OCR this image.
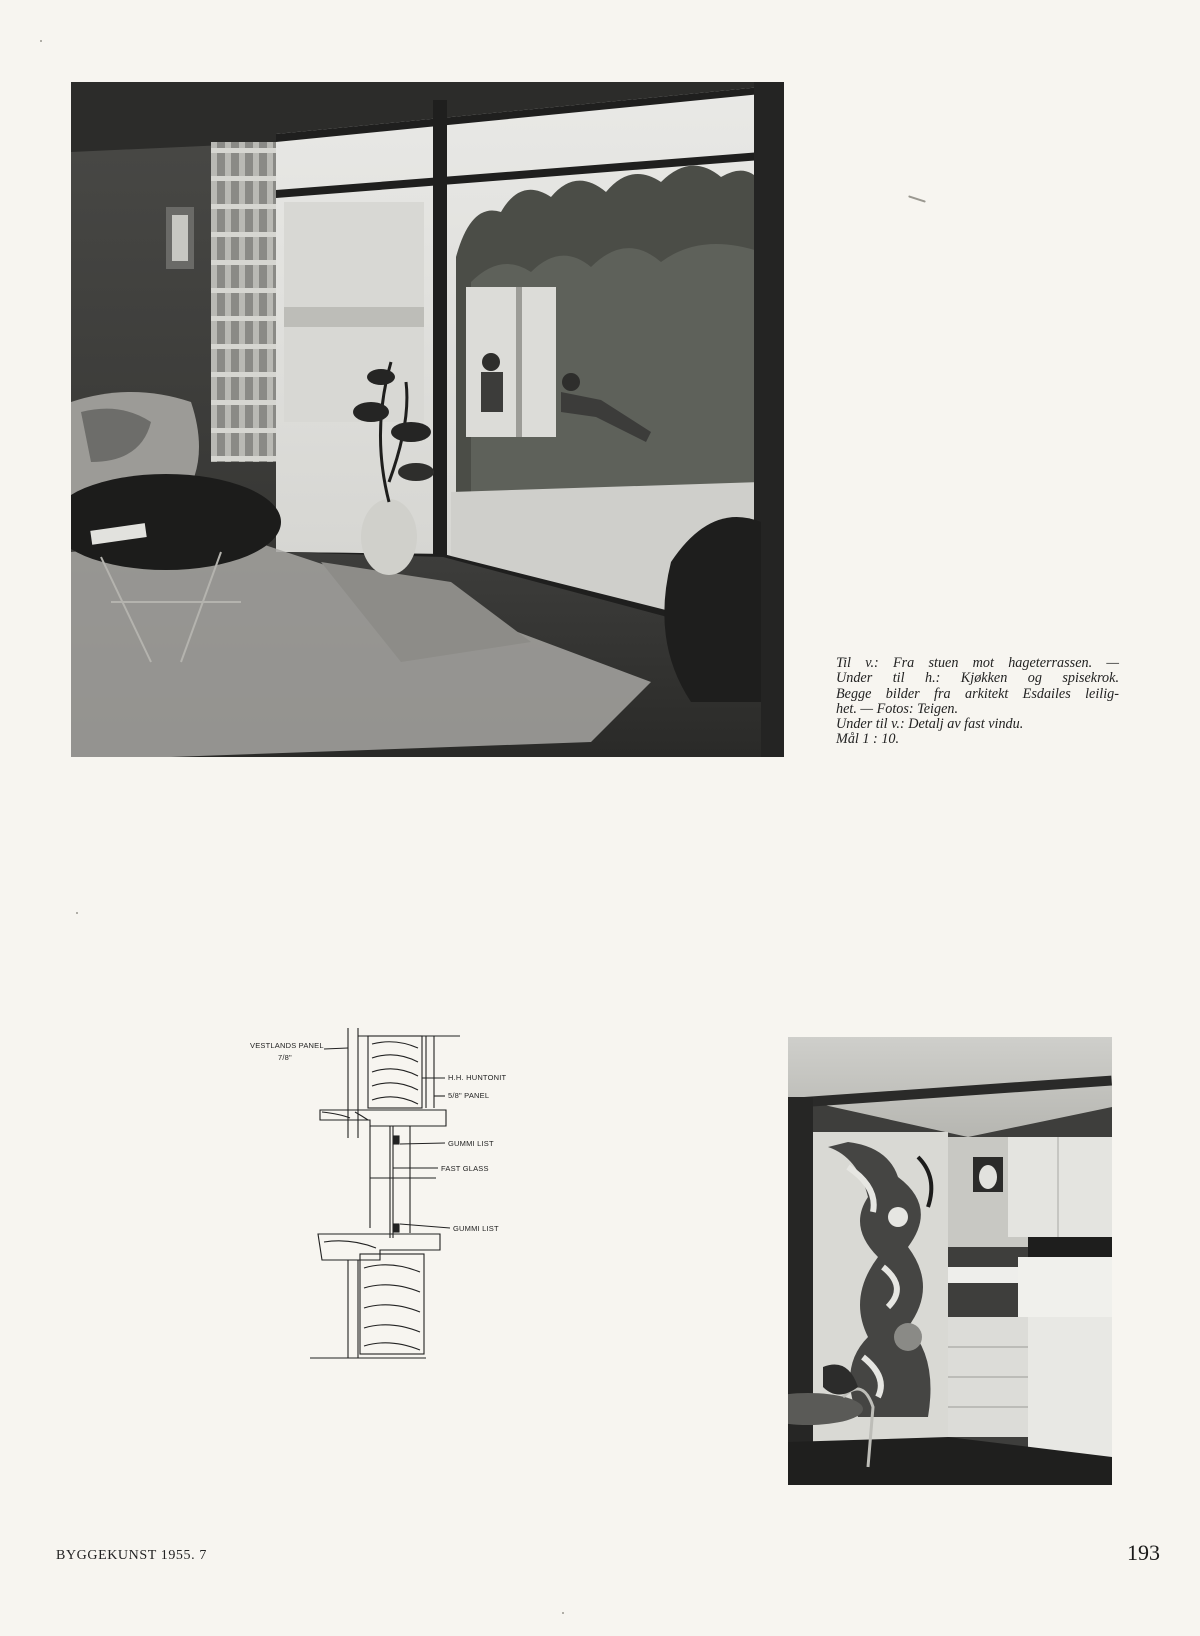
Til v.: Fra stuen mot hageterrassen. —
Under til h.: Kjøkken og spisekrok.
Begge bilder fra arkitekt Esdailes leilig-
het. — Fotos: Teigen.
Under til v.: Detalj av fast vindu.
Mål 1 : 10.
VESTLANDS PANEL
7/8"
H.H. HUNTONIT
5/8" PANEL
GUMMI LIST
FAST GLASS
GUMMI LIST
BYGGEKUNST 1955. 7	193
